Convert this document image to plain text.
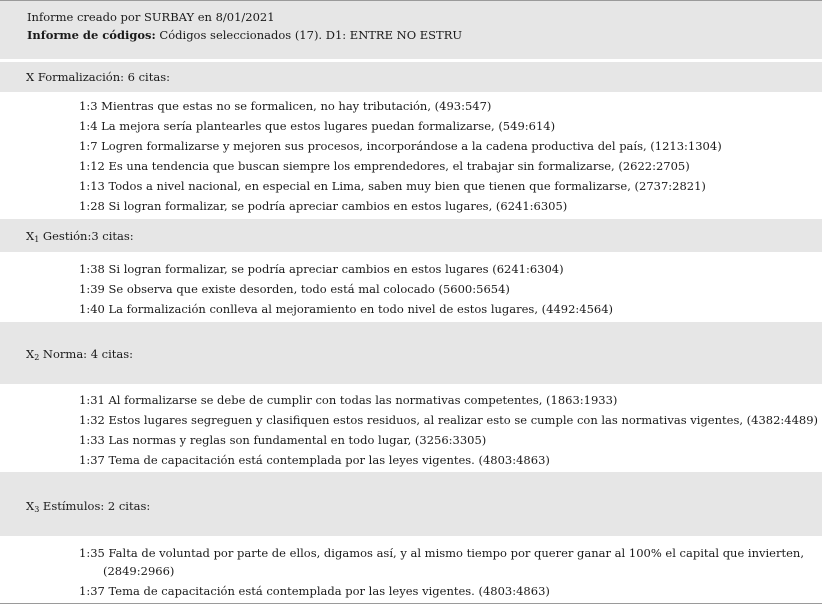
Informe creado por SURBAY en 8/01/2021
Informe de códigos: Códigos seleccionados (17). D1: ENTRE NO ESTRU
X Formalización: 6 citas:
1:3 Mientras que estas no se formalicen, no hay tributación, (493:547)
1:4 La mejora sería plantearles que estos lugares puedan formalizarse, (549:614)
1:7 Logren formalizarse y mejoren sus procesos, incorporándose a la cadena productiva del país, (1213:1304)
1:12 Es una tendencia que buscan siempre los emprendedores, el trabajar sin formalizarse, (2622:2705)
1:13 Todos a nivel nacional, en especial en Lima, saben muy bien que tienen que formalizarse, (2737:2821)
1:28 Si logran formalizar, se podría apreciar cambios en estos lugares, (6241:6305)
$X_1$ Gestión:3 citas:
1:38 Si logran formalizar, se podría apreciar cambios en estos lugares (6241:6304)
1:39 Se observa que existe desorden, todo está mal colocado (5600:5654)
1:40 La formalización conlleva al mejoramiento en todo nivel de estos lugares, (4492:4564)
$X_2$ Norma: 4 citas:
1:31 Al formalizarse se debe de cumplir con todas las normativas competentes, (1863:1933)
1:32 Estos lugares segreguen y clasifiquen estos residuos, al realizar esto se cumple con las normativas vigentes, (4382:4489)
1:33 Las normas y reglas son fundamental en todo lugar, (3256:3305)
1:37 Tema de capacitación está contemplada por las leyes vigentes. (4803:4863)
$X_3$ Estímulos: 2 citas:
1:35 Falta de voluntad por parte de ellos, digamos así, y al mismo tiempo por querer ganar al 100% el capital que invierten,
(2849:2966)
1:37 Tema de capacitación está contemplada por las leyes vigentes. (4803:4863)
